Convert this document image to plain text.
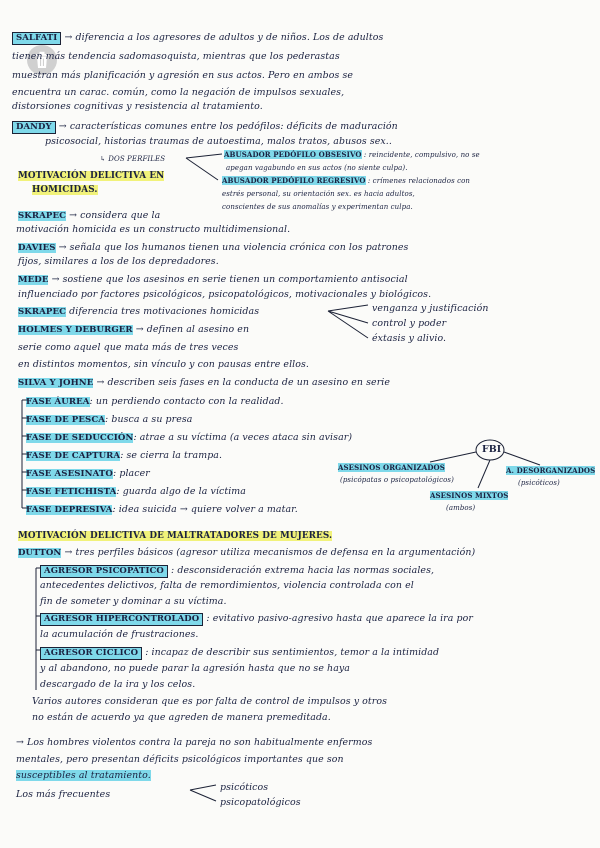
SALFATI → diferencia a los agresores de adultos y de niños. Los de adultos
tienen más tendencia sadomasoquista, mientras que los pederastas
muestran más planificación y agresión en sus actos. Pero en ambos se
encuentra un carac. común, como la negación de impulsos sexuales,
distorsiones cognitivas y resistencia al tratamiento.
DANDY → características comunes entre los pedófilos: déficits de maduración
psicosocial, historias traumas de autoestima, malos tratos, abusos sex..
↳ DOS PERFILES	ABUSADOR PEDÓFILO OBSESIVO : reincidente, compulsivo, no se
apegan vagabundo en sus actos (no siente culpa).
ABUSADOR PEDÓFILO REGRESIVO : crímenes relacionados con
estrés personal, su orientación sex. es hacia adultos,
conscientes de sus anomalías y experimentan culpa.
MOTIVACIÓN DELICTIVA EN
HOMICIDAS.
SKRAPEC → considera que la
motivación homicida es un constructo multidimensional.
DAVIES → señala que los humanos tienen una violencia crónica con los patrones
fijos, similares a los de los depredadores.
MEDE → sostiene que los asesinos en serie tienen un comportamiento antisocial
influenciado por factores psicológicos, psicopatológicos, motivacionales y biológicos.
SKRAPEC diferencia tres motivaciones homicidas	venganza y justificación
control y poder
éxtasis y alivio.
HOLMES Y DEBURGER → definen al asesino en
serie como aquel que mata más de tres veces
en distintos momentos, sin vínculo y con pausas entre ellos.
SILVA Y JOHNE → describen seis fases en la conducta de un asesino en serie
FASE ÁUREA: un perdiendo contacto con la realidad.
FASE DE PESCA: busca a su presa
FASE DE SEDUCCIÓN: atrae a su víctima (a veces ataca sin avisar)
FASE DE CAPTURA: se cierra la trampa.
FASE ASESINATO: placer
FASE FETICHISTA: guarda algo de la víctima
FASE DEPRESIVA: idea suicida → quiere volver a matar.
FBI
ASESINOS ORGANIZADOS
(psicópatas o psicopatológicos)
A. DESORGANIZADOS
(psicóticos)
ASESINOS MIXTOS
(ambos)
MOTIVACIÓN DELICTIVA DE MALTRATADORES DE MUJERES.
DUTTON → tres perfiles básicos (agresor utiliza mecanismos de defensa en la argumentación)
AGRESOR PSICOPÁTICO : desconsideración extrema hacia las normas sociales,
antecedentes delictivos, falta de remordimientos, violencia controlada con el
fin de someter y dominar a su víctima.
AGRESOR HIPERCONTROLADO : evitativo pasivo-agresivo hasta que aparece la ira por
la acumulación de frustraciones.
AGRESOR CÍCLICO : incapaz de describir sus sentimientos, temor a la intimidad
y al abandono, no puede parar la agresión hasta que no se haya
descargado de la ira y los celos.
Varios autores consideran que es por falta de control de impulsos y otros
no están de acuerdo ya que agreden de manera premeditada.
→ Los hombres violentos contra la pareja no son habitualmente enfermos
mentales, pero presentan déficits psicológicos importantes que son
susceptibles al tratamiento.
Los más frecuentes
psicóticos
psicopatológicos
